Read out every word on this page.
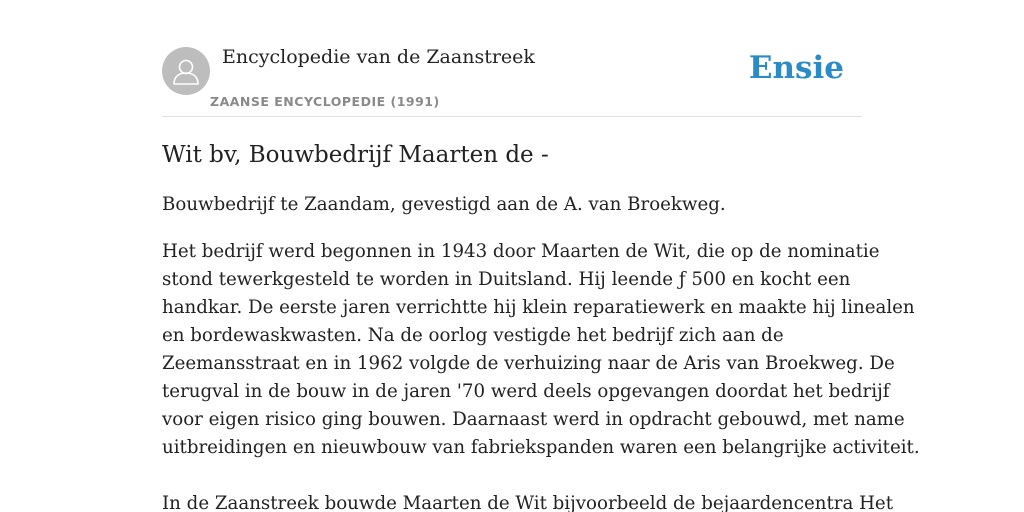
Encyclopedie van de Zaanstreek
ZAANSE ENCYCLOPEDIE (1991)
Ensie
Wit bv, Bouwbedrijf Maarten de -

Bouwbedrijf te Zaandam, gevestigd aan de A. van Broekweg.

Het bedrijf werd begonnen in 1943 door Maarten de Wit, die op de nominatie
stond tewerkgesteld te worden in Duitsland. Hij leende ƒ 500 en kocht een
handkar. De eerste jaren verrichtte hij klein reparatiewerk en maakte hij linealen
en bordewaskwasten. Na de oorlog vestigde het bedrijf zich aan de
Zeemansstraat en in 1962 volgde de verhuizing naar de Aris van Broekweg. De
terugval in de bouw in de jaren '70 werd deels opgevangen doordat het bedrijf
voor eigen risico ging bouwen. Daarnaast werd in opdracht gebouwd, met name
uitbreidingen en nieuwbouw van fabriekspanden waren een belangrijke activiteit.
In de Zaanstreek bouwde Maarten de Wit bijvoorbeeld de bejaardencentra Het
